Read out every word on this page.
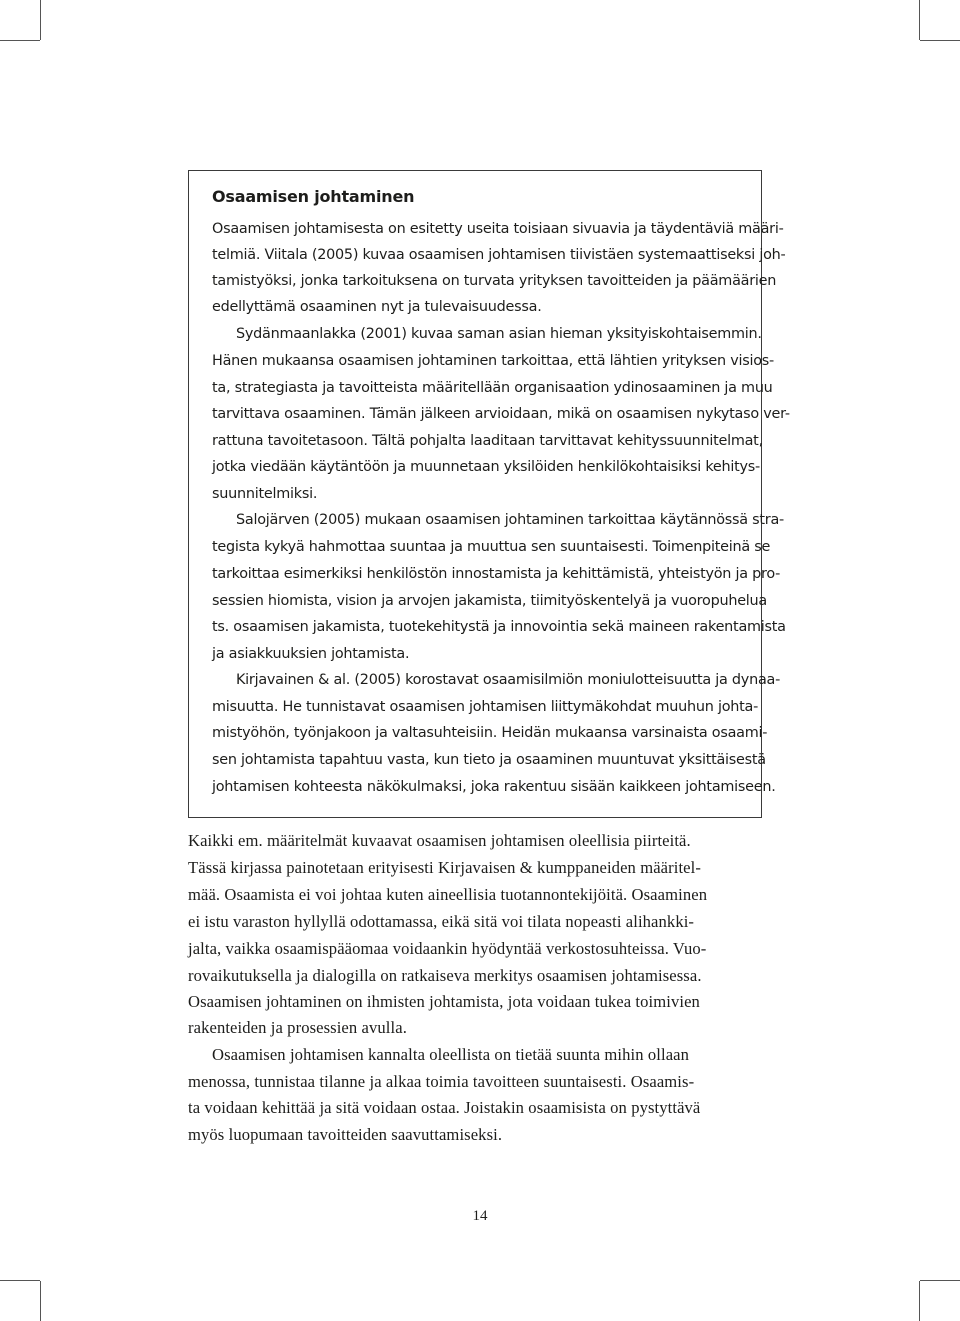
Osaamisen johtaminen
Osaamisen johtamisesta on esitetty useita toisiaan sivuavia ja täydentäviä määri-
telmiä. Viitala (2005) kuvaa osaamisen johtamisen tiivistäen systemaattiseksi joh-
tamistyöksi, jonka tarkoituksena on turvata yrityksen tavoitteiden ja päämäärien
edellyttämä osaaminen nyt ja tulevaisuudessa.
Sydänmaanlakka (2001) kuvaa saman asian hieman yksityiskohtaisemmin.
Hänen mukaansa osaamisen johtaminen tarkoittaa, että lähtien yrityksen visios-
ta, strategiasta ja tavoitteista määritellään organisaation ydinosaaminen ja muu
tarvittava osaaminen. Tämän jälkeen arvioidaan, mikä on osaamisen nykytaso ver-
rattuna tavoitetasoon. Tältä pohjalta laaditaan tarvittavat kehityssuunnitelmat,
jotka viedään käytäntöön ja muunnetaan yksilöiden henkilökohtaisiksi kehitys-
suunnitelmiksi.
Salojärven (2005) mukaan osaamisen johtaminen tarkoittaa käytännössä stra-
tegista kykyä hahmottaa suuntaa ja muuttua sen suuntaisesti. Toimenpiteinä se
tarkoittaa esimerkiksi henkilöstön innostamista ja kehittämistä, yhteistyön ja pro-
sessien hiomista, vision ja arvojen jakamista, tiimityöskentelyä ja vuoropuhelua
ts. osaamisen jakamista, tuotekehitystä ja innovointia sekä maineen rakentamista
ja asiakkuuksien johtamista.
Kirjavainen & al. (2005) korostavat osaamisilmiön moniulotteisuutta ja dynaa-
misuutta. He tunnistavat osaamisen johtamisen liittymäkohdat muuhun johta-
mistyöhön, työnjakoon ja valtasuhteisiin. Heidän mukaansa varsinaista osaami-
sen johtamista tapahtuu vasta, kun tieto ja osaaminen muuntuvat yksittäisestä
johtamisen kohteesta näkökulmaksi, joka rakentuu sisään kaikkeen johtamiseen.
Kaikki em. määritelmät kuvaavat osaamisen johtamisen oleellisia piirteitä.
Tässä kirjassa painotetaan erityisesti Kirjavaisen & kumppaneiden määritel-
mää. Osaamista ei voi johtaa kuten aineellisia tuotannontekijöitä. Osaaminen
ei istu varaston hyllyllä odottamassa, eikä sitä voi tilata nopeasti alihankki-
jalta, vaikka osaamispääomaa voidaankin hyödyntää verkostosuhteissa. Vuo-
rovaikutuksella ja dialogilla on ratkaiseva merkitys osaamisen johtamisessa.
Osaamisen johtaminen on ihmisten johtamista, jota voidaan tukea toimivien
rakenteiden ja prosessien avulla.
Osaamisen johtamisen kannalta oleellista on tietää suunta mihin ollaan
menossa, tunnistaa tilanne ja alkaa toimia tavoitteen suuntaisesti. Osaamis-
ta voidaan kehittää ja sitä voidaan ostaa. Joistakin osaamisista on pystyttävä
myös luopumaan tavoitteiden saavuttamiseksi.
14
